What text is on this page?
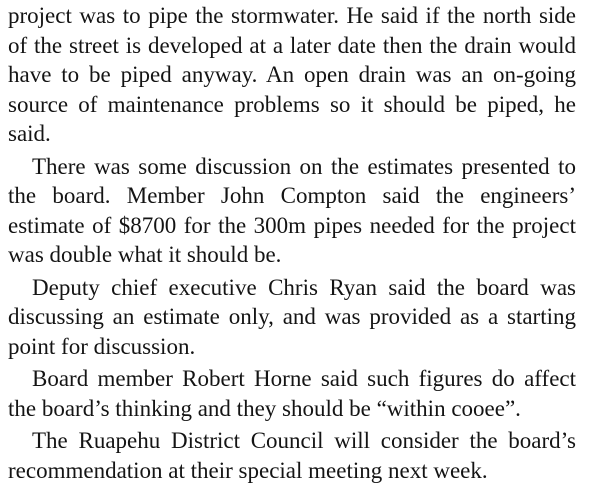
project was to pipe the stormwater. He said if the north side of the street is developed at a later date then the drain would have to be piped anyway. An open drain was an on-going source of maintenance problems so it should be piped, he said.

There was some discussion on the estimates presented to the board. Member John Compton said the engineers’ estimate of $8700 for the 300m pipes needed for the project was double what it should be.

Deputy chief executive Chris Ryan said the board was discussing an estimate only, and was provided as a starting point for discussion.

Board member Robert Horne said such figures do affect the board’s thinking and they should be “within cooee”.

The Ruapehu District Council will consider the board’s recommendation at their special meeting next week.
